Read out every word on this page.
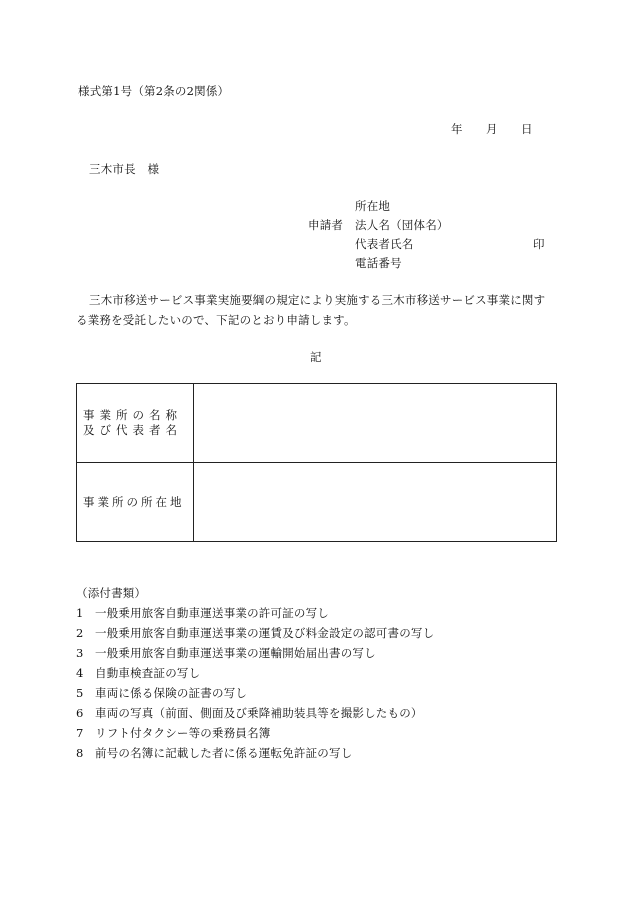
様式第1号（第2条の2関係）
年 月 日
三木市長　様
所在地
申請者 法人名（団体名）
代表者氏名	印
電話番号
三木市移送サービス事業実施要綱の規定により実施する三木市移送サービス事業に関す
る業務を受託したいので、下記のとおり申請します。
記
事業所の名称
及び代表者名	

事業所の所在地	
（添付書類）
1 一般乗用旅客自動車運送事業の許可証の写し
2 一般乗用旅客自動車運送事業の運賃及び料金設定の認可書の写し
3 一般乗用旅客自動車運送事業の運輸開始届出書の写し
4 自動車検査証の写し
5 車両に係る保険の証書の写し
6 車両の写真（前面、側面及び乗降補助装具等を撮影したもの）
7 リフト付タクシー等の乗務員名簿
8 前号の名簿に記載した者に係る運転免許証の写し
